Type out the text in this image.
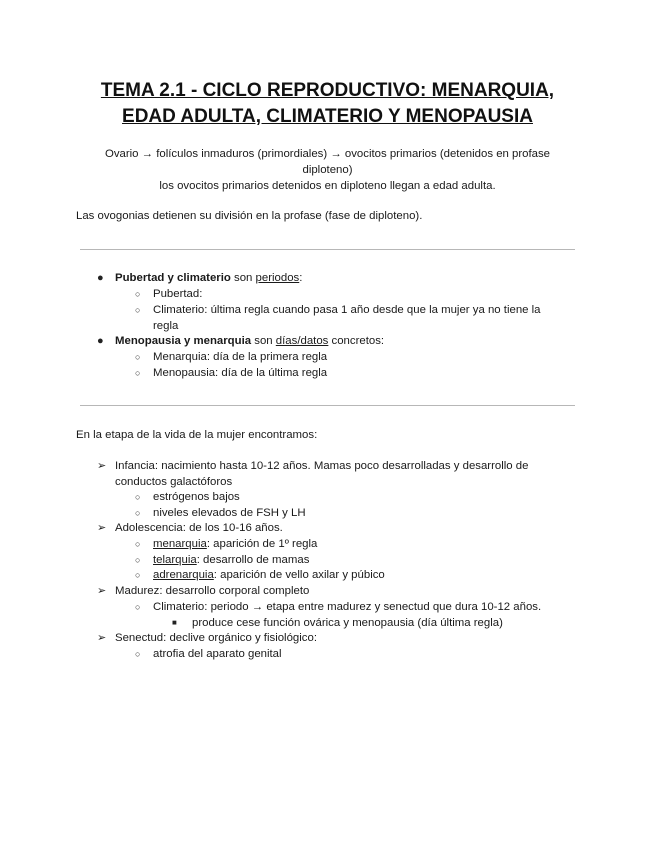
TEMA 2.1 - CICLO REPRODUCTIVO: MENARQUIA,
EDAD ADULTA, CLIMATERIO Y MENOPAUSIA
Ovario → folículos inmaduros (primordiales) → ovocitos primarios (detenidos en profase
diploteno)
los ovocitos primarios detenidos en diploteno llegan a edad adulta.
Las ovogonias detienen su división en la profase (fase de diploteno).
● Pubertad y climaterio son periodos:
○ Pubertad:
○ Climaterio: última regla cuando pasa 1 año desde que la mujer ya no tiene la
regla
● Menopausia y menarquia son días/datos concretos:
○ Menarquia: día de la primera regla
○ Menopausia: día de la última regla
En la etapa de la vida de la mujer encontramos:
➢ Infancia: nacimiento hasta 10-12 años. Mamas poco desarrolladas y desarrollo de
conductos galactóforos
○ estrógenos bajos
○ niveles elevados de FSH y LH
➢ Adolescencia: de los 10-16 años.
○ menarquia: aparición de 1º regla
○ telarquia: desarrollo de mamas
○ adrenarquia: aparición de vello axilar y púbico
➢ Madurez: desarrollo corporal completo
○ Climaterio: periodo → etapa entre madurez y senectud que dura 10-12 años.
■ produce cese función ovárica y menopausia (día última regla)
➢ Senectud: declive orgánico y fisiológico:
○ atrofia del aparato genital
